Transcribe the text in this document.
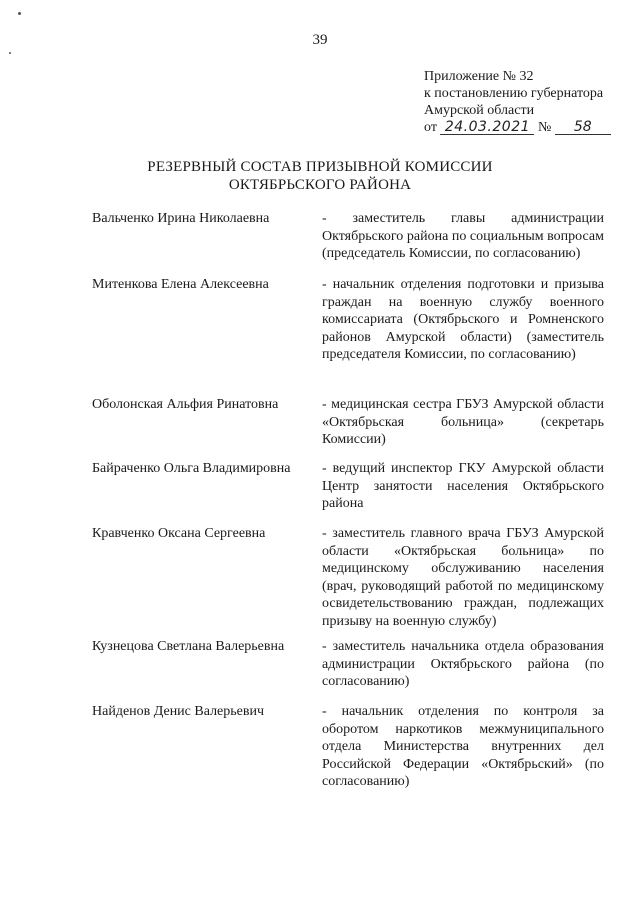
39
Приложение № 32
к постановлению губернатора
Амурской области
от 24.03.2021 № 58
РЕЗЕРВНЫЙ СОСТАВ ПРИЗЫВНОЙ КОМИССИИ
ОКТЯБРЬСКОГО РАЙОНА
Вальченко Ирина Николаевна	- заместитель главы администрации Октябрьского района по социальным вопросам (председатель Комиссии, по согласованию)
Митенкова Елена Алексеевна	- начальник отделения подготовки и призыва граждан на военную службу военного комиссариата (Октябрьского и Ромненского районов Амурской области) (заместитель председателя Комиссии, по согласованию)
Оболонская Альфия Ринатовна	- медицинская сестра ГБУЗ Амурской области «Октябрьская больница» (секретарь Комиссии)
Байраченко Ольга Владимировна	- ведущий инспектор ГКУ Амурской области Центр занятости населения Октябрьского района
Кравченко Оксана Сергеевна	- заместитель главного врача ГБУЗ Амурской области «Октябрьская больница» по медицинскому обслуживанию населения (врач, руководящий работой по медицинскому освидетельствованию граждан, подлежащих призыву на военную службу)
Кузнецова Светлана Валерьевна	- заместитель начальника отдела образования администрации Октябрьского района (по согласованию)
Найденов Денис Валерьевич	- начальник отделения по контроля за оборотом наркотиков межмуниципального отдела Министерства внутренних дел Российской Федерации «Октябрьский» (по согласованию)
